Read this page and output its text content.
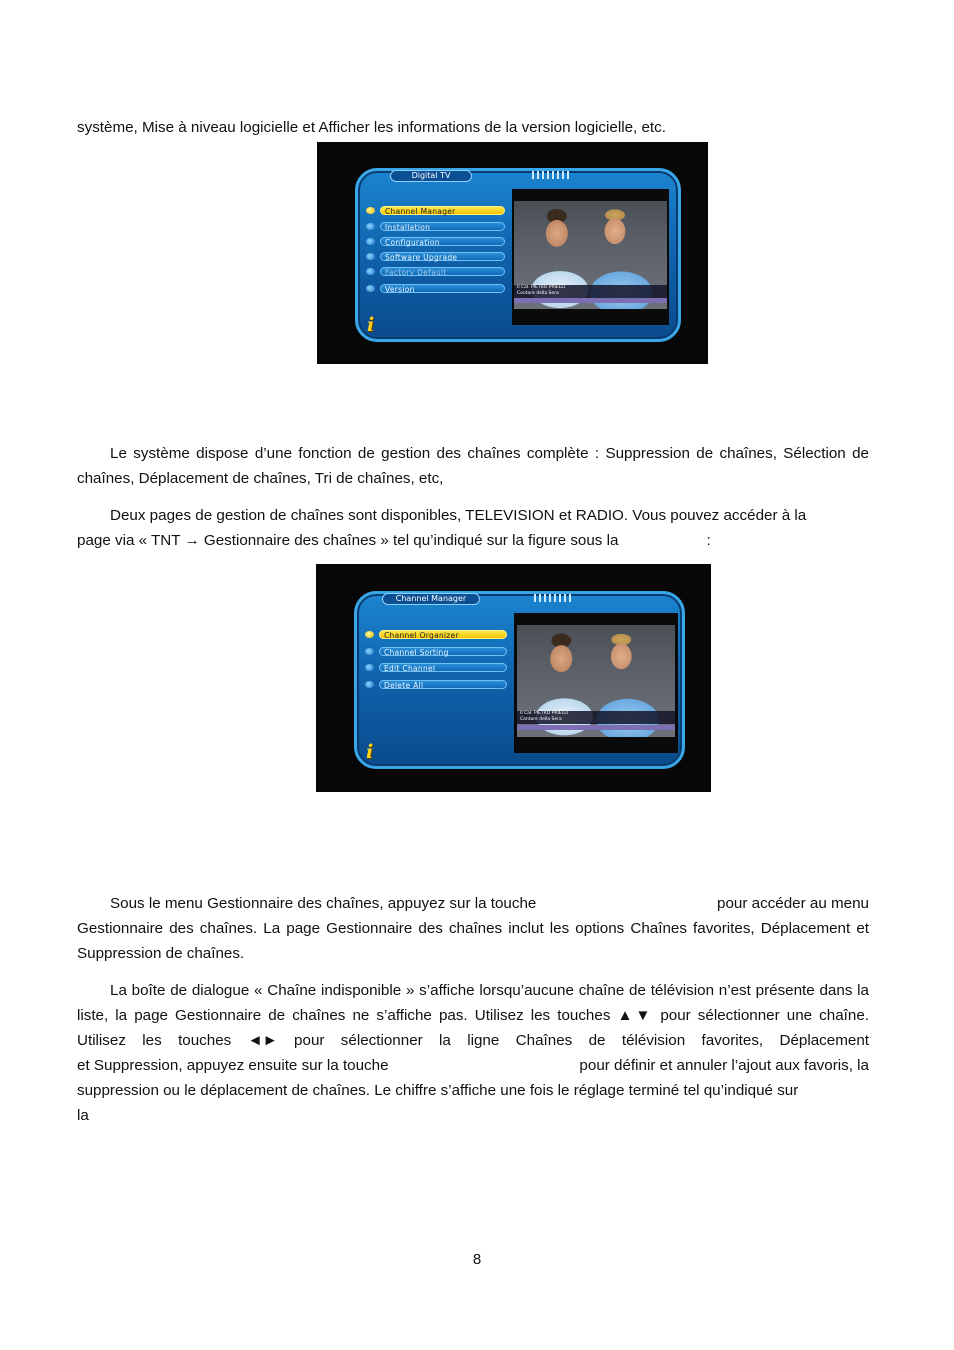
système, Mise à niveau logicielle et Afficher les informations de la version logicielle, etc.

Digital TV
Channel Manager
Installation
Configuration
Software Upgrade
Factory Default
Version
i
Il Cal. PIETRO PRIELLI
Contare della Sera

Le système dispose d’une fonction de gestion des chaînes complète : Suppression de chaînes, Sélection de chaînes, Déplacement de chaînes, Tri de chaînes, etc,

Deux pages de gestion de chaînes sont disponibles, TELEVISION et RADIO. Vous pouvez accéder à la

page via « TNT → Gestionnaire des chaînes » tel qu’indiqué sur la figure sous la	:

Channel Manager
Channel Organizer
Channel Sorting
Edit Channel
Delete All
i
Il Cal. PIETRO PRIELLI
Contare della Sera
Sous le menu Gestionnaire des chaînes, appuyez sur la touche	pour accéder au menu
Gestionnaire des chaînes. La page Gestionnaire des chaînes inclut les options Chaînes favorites, Déplacement et Suppression de chaînes.
La boîte de dialogue « Chaîne indisponible » s’affiche lorsqu’aucune chaîne de télévision n’est présente dans la liste, la page Gestionnaire de chaînes ne s’affiche pas. Utilisez les touches ▲▼ pour sélectionner une chaîne. Utilisez les touches ◄► pour sélectionner la ligne Chaînes de télévision favorites, Déplacement
et Suppression, appuyez ensuite sur la touche	pour définir et annuler l’ajout aux favoris, la
suppression ou le déplacement de chaînes. Le chiffre s’affiche une fois le réglage terminé tel qu’indiqué sur
la
8
